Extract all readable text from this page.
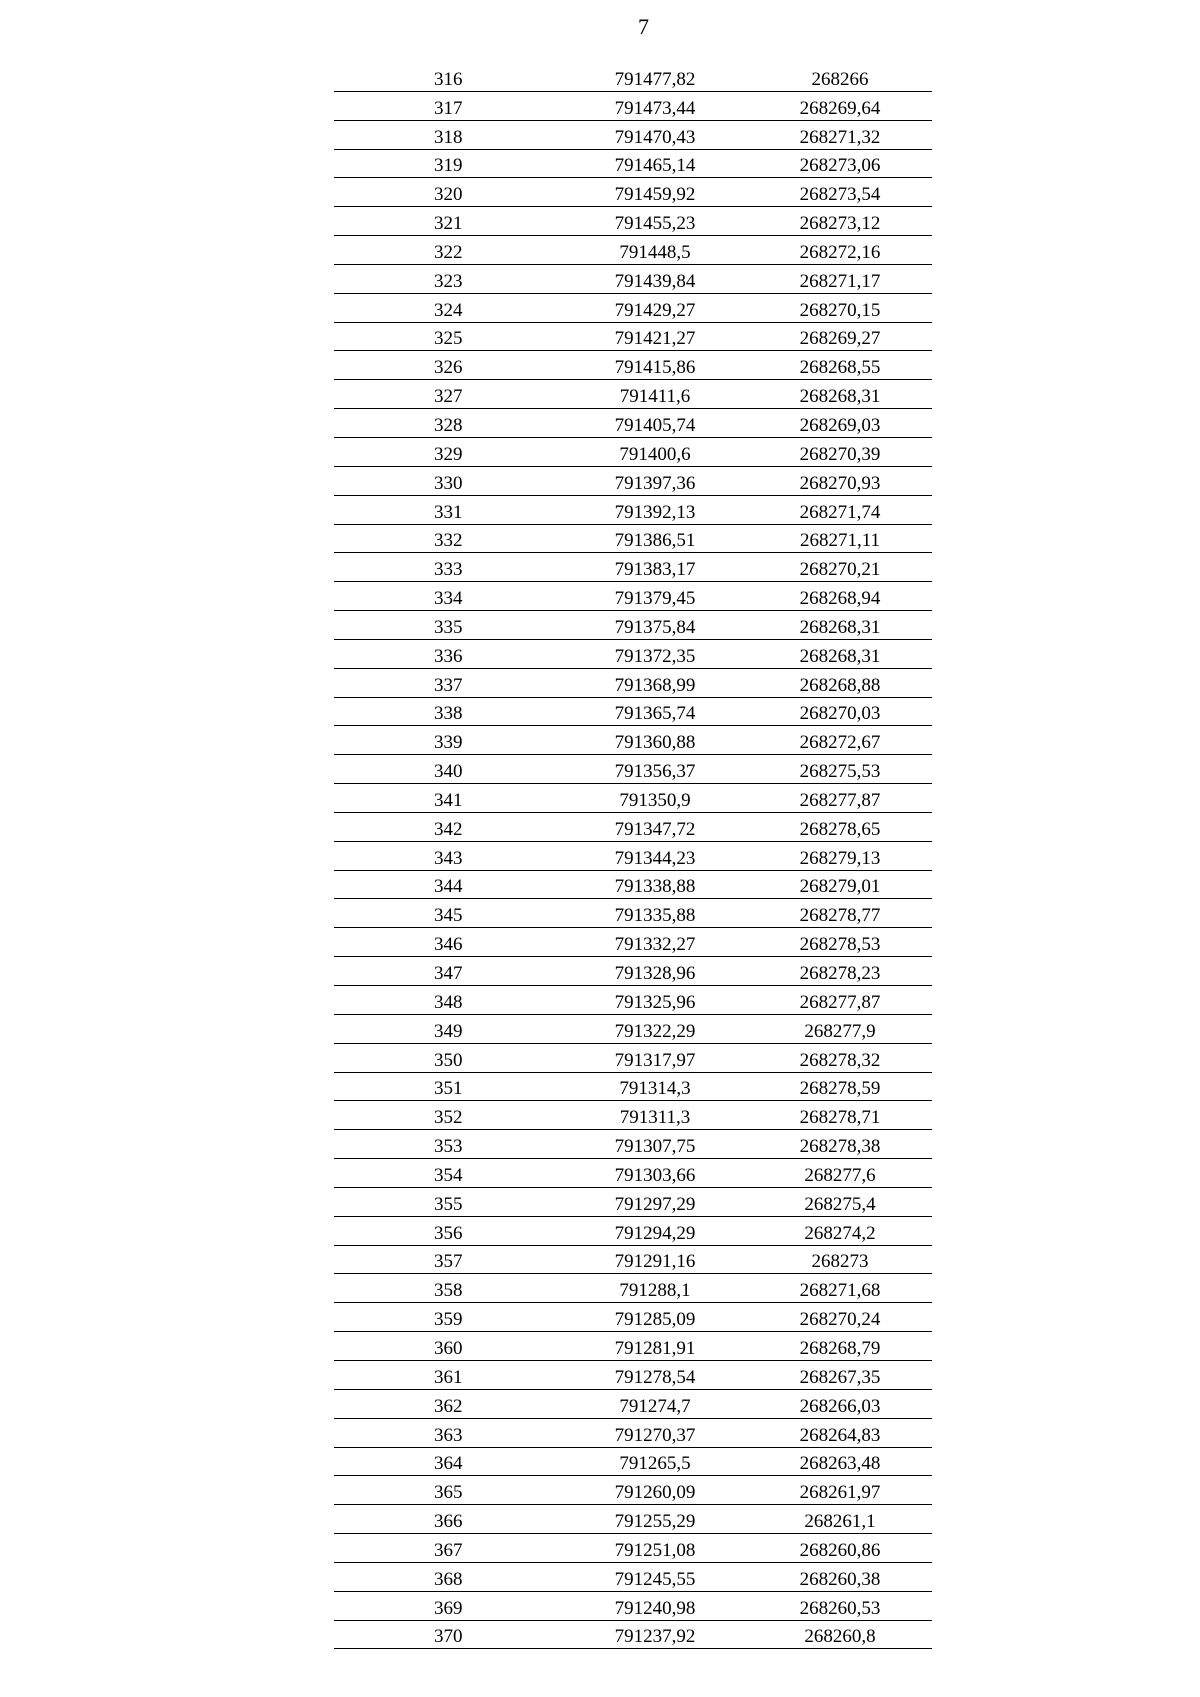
7
316	791477,82	268266
317	791473,44	268269,64
318	791470,43	268271,32
319	791465,14	268273,06
320	791459,92	268273,54
321	791455,23	268273,12
322	791448,5	268272,16
323	791439,84	268271,17
324	791429,27	268270,15
325	791421,27	268269,27
326	791415,86	268268,55
327	791411,6	268268,31
328	791405,74	268269,03
329	791400,6	268270,39
330	791397,36	268270,93
331	791392,13	268271,74
332	791386,51	268271,11
333	791383,17	268270,21
334	791379,45	268268,94
335	791375,84	268268,31
336	791372,35	268268,31
337	791368,99	268268,88
338	791365,74	268270,03
339	791360,88	268272,67
340	791356,37	268275,53
341	791350,9	268277,87
342	791347,72	268278,65
343	791344,23	268279,13
344	791338,88	268279,01
345	791335,88	268278,77
346	791332,27	268278,53
347	791328,96	268278,23
348	791325,96	268277,87
349	791322,29	268277,9
350	791317,97	268278,32
351	791314,3	268278,59
352	791311,3	268278,71
353	791307,75	268278,38
354	791303,66	268277,6
355	791297,29	268275,4
356	791294,29	268274,2
357	791291,16	268273
358	791288,1	268271,68
359	791285,09	268270,24
360	791281,91	268268,79
361	791278,54	268267,35
362	791274,7	268266,03
363	791270,37	268264,83
364	791265,5	268263,48
365	791260,09	268261,97
366	791255,29	268261,1
367	791251,08	268260,86
368	791245,55	268260,38
369	791240,98	268260,53
370	791237,92	268260,8
